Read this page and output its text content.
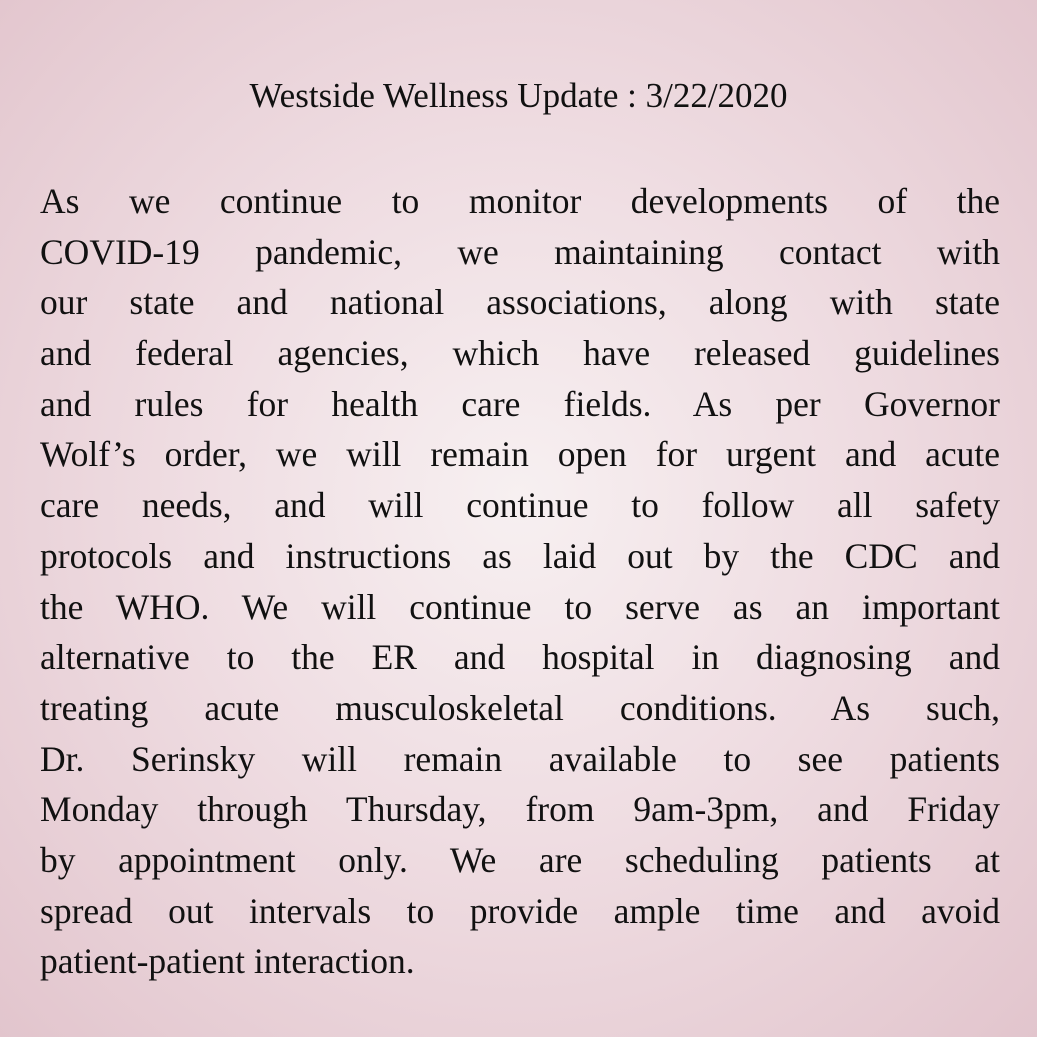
Westside Wellness Update : 3/22/2020
As we continue to monitor developments of the
COVID-19 pandemic, we maintaining contact with
our state and national associations, along with state
and federal agencies, which have released guidelines
and rules for health care fields. As per Governor
Wolf’s order, we will remain open for urgent and acute
care needs, and will continue to follow all safety
protocols and instructions as laid out by the CDC and
the WHO. We will continue to serve as an important
alternative to the ER and hospital in diagnosing and
treating acute musculoskeletal conditions. As such,
Dr. Serinsky will remain available to see patients
Monday through Thursday, from 9am-3pm, and Friday
by appointment only. We are scheduling patients at
spread out intervals to provide ample time and avoid
patient-patient interaction.
